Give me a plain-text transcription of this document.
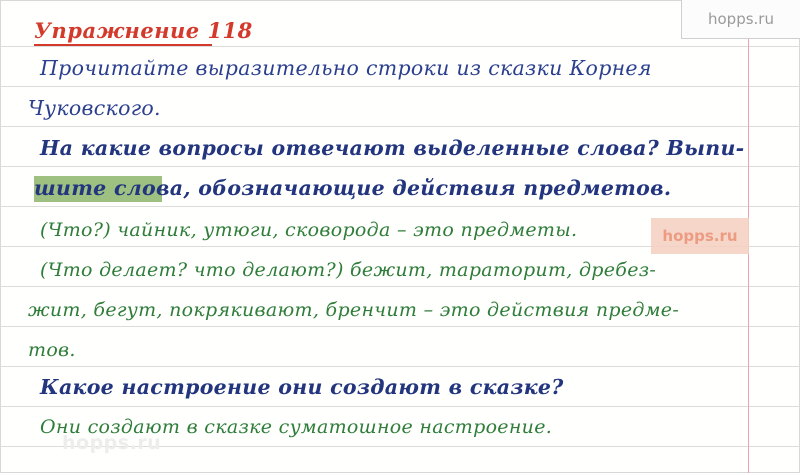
Упражнение 118
Прочитайте выразительно строки из сказки Корнея
Чуковского.
На какие вопросы отвечают выделенные слова? Выпи-
шите слова, обозначающие действия предметов.
(Что?) чайник, утюги, сковорода – это предметы.
(Что делает? что делают?) бежит, тараторит, дребез-
жит, бегут, покрякивают, бренчит – это действия предме-
тов.
Какое настроение они создают в сказке?
Они создают в сказке суматошное настроение.
hopps.ru
hopps.ru
hopps.ru
